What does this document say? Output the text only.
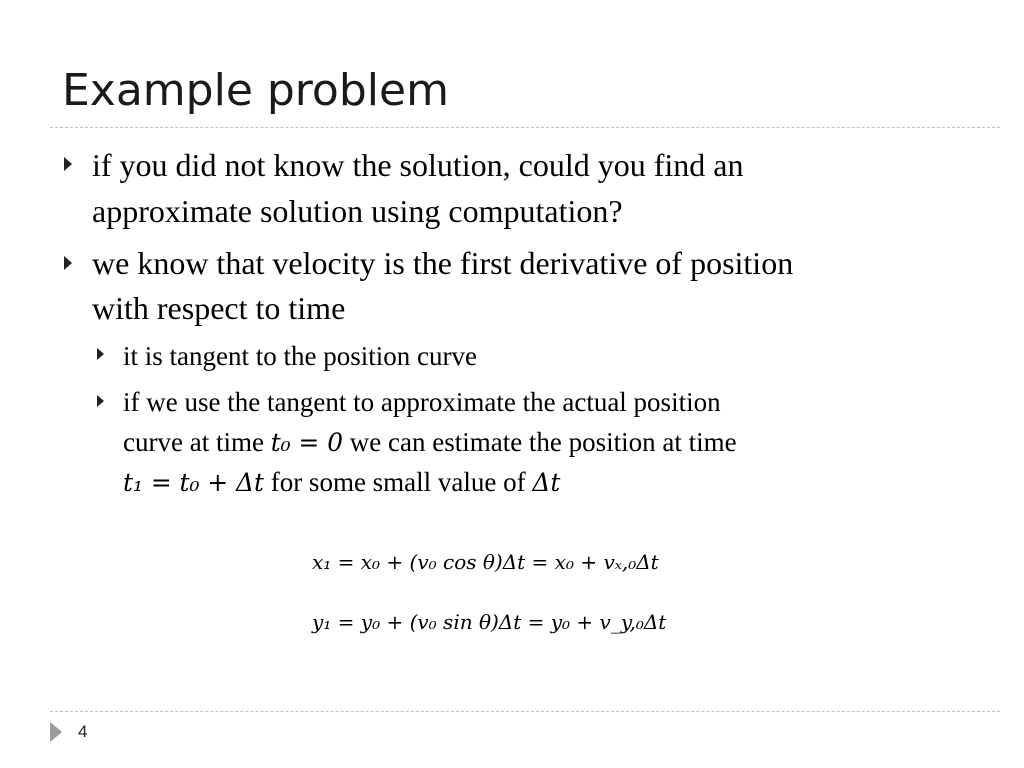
Example problem
if you did not know the solution, could you find an
approximate solution using computation?
we know that velocity is the first derivative of position
with respect to time
it is tangent to the position curve
if we use the tangent to approximate the actual position
curve at time t₀ = 0 we can estimate the position at time
t₁ = t₀ + Δt for some small value of Δt
x₁ = x₀ + (v₀ cos θ)Δt = x₀ + vₓ,₀Δt
y₁ = y₀ + (v₀ sin θ)Δt = y₀ + v_y,₀Δt
4
